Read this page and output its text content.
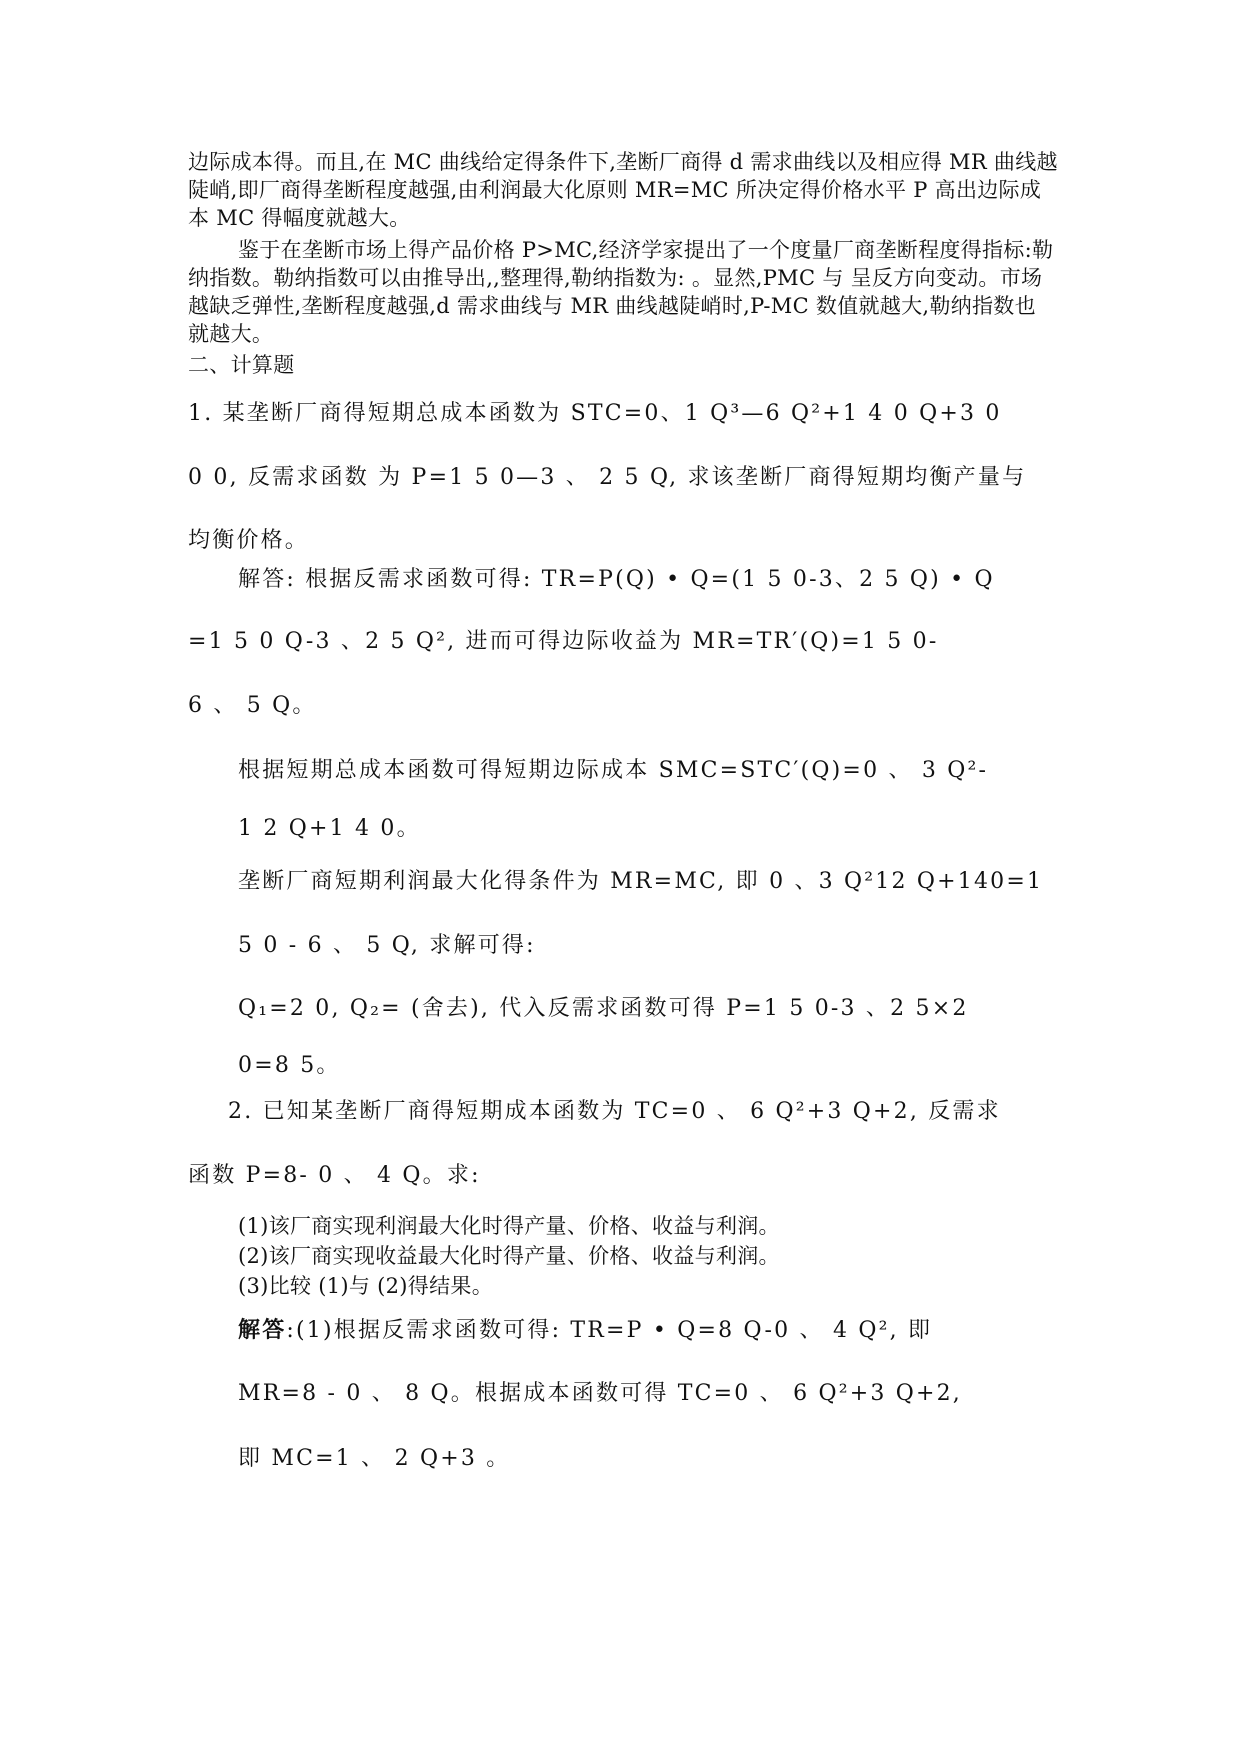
边际成本得。而且,在 MC 曲线给定得条件下,垄断厂商得 d 需求曲线以及相应得 MR 曲线越
陡峭,即厂商得垄断程度越强,由利润最大化原则 MR=MC 所决定得价格水平 P 高出边际成
本 MC 得幅度就越大。
鉴于在垄断市场上得产品价格 P>MC,经济学家提出了一个度量厂商垄断程度得指标:勒
纳指数。勒纳指数可以由推导出,,整理得,勒纳指数为: 。显然,PMC 与 呈反方向变动。市场
越缺乏弹性,垄断程度越强,d 需求曲线与 MR 曲线越陡峭时,P-MC 数值就越大,勒纳指数也
就越大。
二、计算题
1. 某垄断厂商得短期总成本函数为 STC=0、1 Q³—6 Q²+1 4 0 Q+3 0
0 0, 反需求函数 为 P=1 5 0—3 、 2 5 Q, 求该垄断厂商得短期均衡产量与
均衡价格。
解答: 根据反需求函数可得: TR=P(Q) • Q=(1 5 0-3、2 5 Q) • Q
=1 5 0 Q-3 、2 5 Q², 进而可得边际收益为 MR=TR′(Q)=1 5 0-
6 、 5 Q。
根据短期总成本函数可得短期边际成本 SMC=STC′(Q)=0 、 3 Q²-
1 2 Q+1 4 0。
垄断厂商短期利润最大化得条件为 MR=MC, 即 0 、3 Q²12 Q+140=1
5 0 - 6 、 5 Q, 求解可得:
Q₁=2 0, Q₂= (舍去), 代入反需求函数可得 P=1 5 0-3 、2 5×2
0=8 5。
2. 已知某垄断厂商得短期成本函数为 TC=0 、 6 Q²+3 Q+2, 反需求
函数 P=8- 0 、 4 Q。求:
(1)该厂商实现利润最大化时得产量、价格、收益与利润。
(2)该厂商实现收益最大化时得产量、价格、收益与利润。
(3)比较 (1)与 (2)得结果。
解答:(1)根据反需求函数可得: TR=P • Q=8 Q-0 、 4 Q², 即
MR=8 - 0 、 8 Q。根据成本函数可得 TC=0 、 6 Q²+3 Q+2,
即 MC=1 、 2 Q+3 。
